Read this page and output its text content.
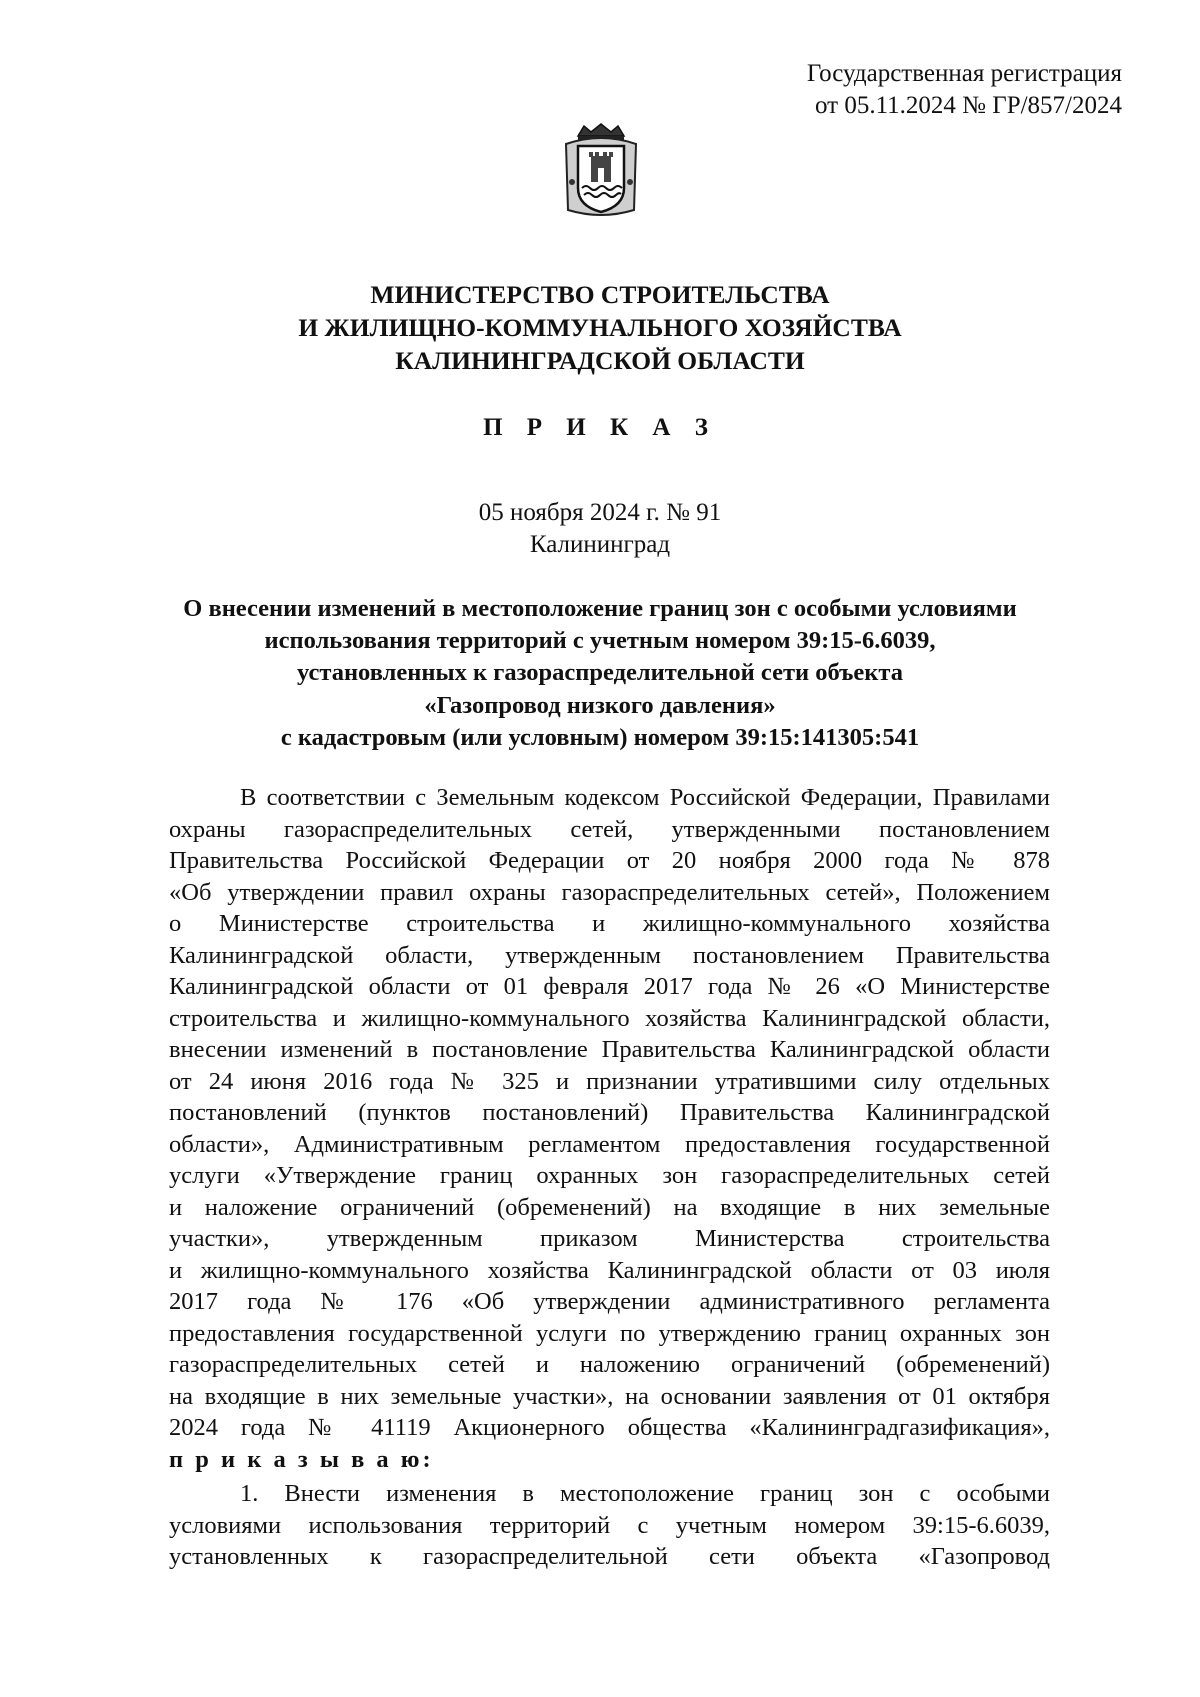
Государственная регистрация
от 05.11.2024 № ГР/857/2024
МИНИСТЕРСТВО СТРОИТЕЛЬСТВА
И ЖИЛИЩНО-КОММУНАЛЬНОГО ХОЗЯЙСТВА
КАЛИНИНГРАДСКОЙ ОБЛАСТИ
П Р И К А З
05 ноября 2024 г. № 91
Калининград
О внесении изменений в местоположение границ зон с особыми условиями
использования территорий с учетным номером 39:15-6.6039,
установленных к газораспределительной сети объекта
«Газопровод низкого давления»
с кадастровым (или условным) номером 39:15:141305:541
В соответствии с Земельным кодексом Российской Федерации, Правилами
охраны газораспределительных сетей, утвержденными постановлением
Правительства Российской Федерации от 20 ноября 2000 года № 878
«Об утверждении правил охраны газораспределительных сетей», Положением
о Министерстве строительства и жилищно-коммунального хозяйства
Калининградской области, утвержденным постановлением Правительства
Калининградской области от 01 февраля 2017 года № 26 «О Министерстве
строительства и жилищно-коммунального хозяйства Калининградской области,
внесении изменений в постановление Правительства Калининградской области
от 24 июня 2016 года № 325 и признании утратившими силу отдельных
постановлений (пунктов постановлений) Правительства Калининградской
области», Административным регламентом предоставления государственной
услуги «Утверждение границ охранных зон газораспределительных сетей
и наложение ограничений (обременений) на входящие в них земельные
участки», утвержденным приказом Министерства строительства
и жилищно-коммунального хозяйства Калининградской области от 03 июля
2017 года № 176 «Об утверждении административного регламента
предоставления государственной услуги по утверждению границ охранных зон
газораспределительных сетей и наложению ограничений (обременений)
на входящие в них земельные участки», на основании заявления от 01 октября
2024 года № 41119 Акционерного общества «Калининградгазификация»,
п р и к а з ы в а ю:
1. Внести изменения в местоположение границ зон с особыми
условиями использования территорий с учетным номером 39:15-6.6039,
установленных к газораспределительной сети объекта «Газопровод
